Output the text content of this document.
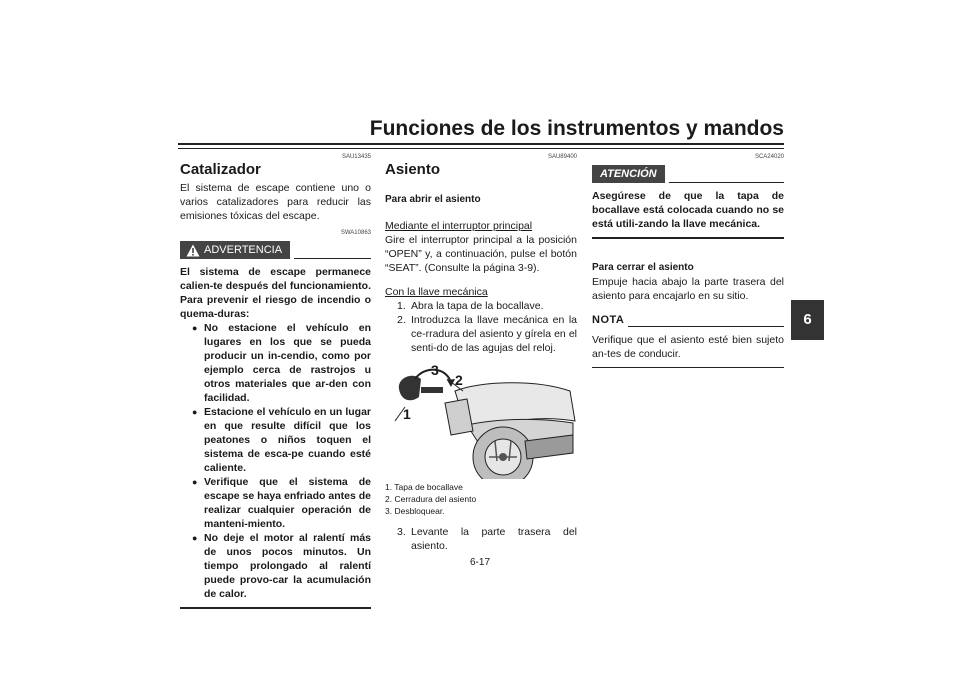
Funciones de los instrumentos y mandos
6
SAU13435
Catalizador

El sistema de escape contiene uno o varios catalizadores para reducir las emisiones tóxicas del escape.

SWA10863
ADVERTENCIA

El sistema de escape permanece calien-te después del funcionamiento. Para prevenir el riesgo de incendio o quema-duras:

● No estacione el vehículo en lugares en los que se pueda producir un in-cendio, como por ejemplo cerca de rastrojos u otros materiales que ar-den con facilidad.
● Estacione el vehículo en un lugar en que resulte difícil que los peatones o niños toquen el sistema de esca-pe cuando esté caliente.
● Verifique que el sistema de escape se haya enfriado antes de realizar cualquier operación de manteni-miento.
● No deje el motor al ralentí más de unos pocos minutos. Un tiempo prolongado al ralentí puede provo-car la acumulación de calor.
SAU89400
Asiento
Para abrir el asiento
Mediante el interruptor principal

Gire el interruptor principal a la posición “OPEN” y, a continuación, pulse el botón “SEAT”. (Consulte la página 3-9).

Con la llave mecánica
1. Abra la tapa de la bocallave.
2. Introduzca la llave mecánica en la ce-rradura del asiento y gírela en el senti-do de las agujas del reloj.
3
2
1
1. Tapa de bocallave
2. Cerradura del asiento
3. Desbloquear.
3. Levante la parte trasera del asiento.
SCA24020
ATENCIÓN

Asegúrese de que la tapa de bocallave está colocada cuando no se está utili-zando la llave mecánica.

Para cerrar el asiento

Empuje hacia abajo la parte trasera del asiento para encajarlo en su sitio.

NOTA

Verifique que el asiento esté bien sujeto an-tes de conducir.

6-17
